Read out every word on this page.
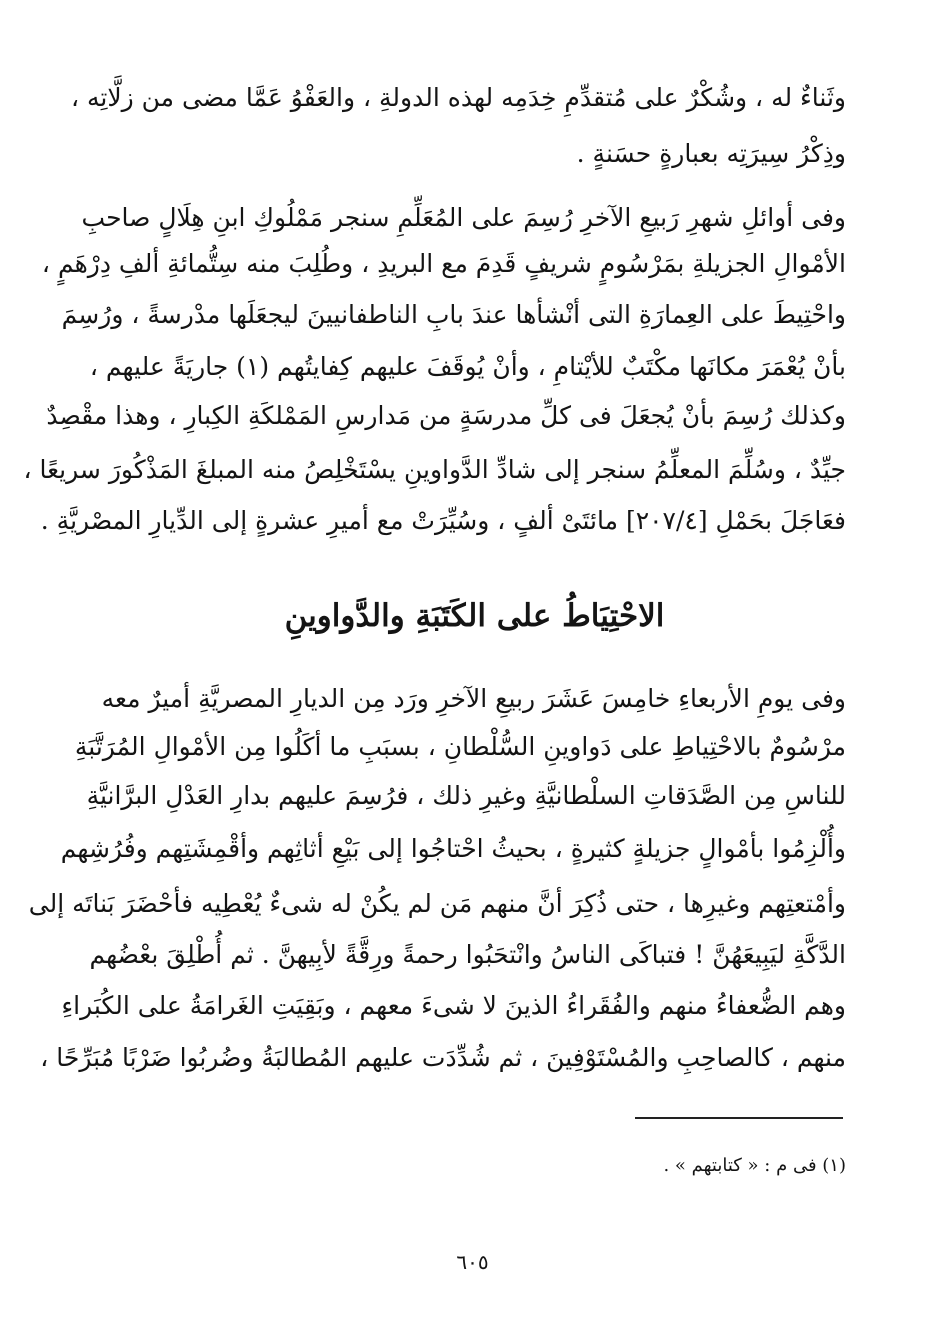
وثَناءٌ له ، وشُكْرٌ على مُتقدِّمِ خِدَمِه لهذه الدولةِ ، والعَفْوُ عَمَّا مضى من زلَّاتِه ،
وذِكْرُ سِيرَتِه بعبارةٍ حسَنةٍ .
وفى أوائلِ شهرِ رَبيعِ الآخرِ رُسِمَ على المُعَلِّمِ سنجر مَمْلُوكِ ابنِ هِلَالٍ صاحبِ
الأمْوالِ الجزيلةِ بمَرْسُومٍ شريفٍ قَدِمَ مع البريدِ ، وطُلِبَ منه سِتُّمائةِ ألفِ دِرْهَمٍ ،
واحْتِيطَ على العِمارَةِ التى أنْشأها عندَ بابِ الناطفانيينَ ليجعَلَها مدْرسةً ، ورُسِمَ
بأنْ يُعْمَرَ مكانَها مكْتَبٌ للأيْتامِ ، وأنْ يُوقَفَ عليهم كِفايتُهم (١) جاريَةً عليهم ،
وكذلك رُسِمَ بأنْ يُجعَلَ فى كلِّ مدرسَةٍ من مَدارسِ المَمْلكَةِ الكِبارِ ، وهذا مقْصِدٌ
جيِّدٌ ، وسُلِّمَ المعلِّمُ سنجر إلى شادِّ الدَّواوينِ يسْتَخْلِصُ منه المبلغَ المَذْكُورَ سريعًا ،
فعَاجَلَ بحَمْلِ [٢٠٧/٤] مائتَىْ ألفٍ ، وسُيِّرَتْ مع أميرِ عشرةٍ إلى الدِّيارِ المصْريَّةِ .
الاحْتِيَاطُ على الكَتَبَةِ والدَّواوينِ
وفى يومِ الأربعاءِ خامِسَ عَشَرَ ربيعِ الآخرِ ورَد مِن الديارِ المصريَّةِ أميرٌ معه
مرْسُومٌ بالاحْتِياطِ على دَواوينِ السُّلْطانِ ، بسبَبِ ما أكَلُوا مِن الأمْوالِ المُرَتَّبَةِ
للناسِ مِن الصَّدَقاتِ السلْطانيَّةِ وغيرِ ذلك ، فرُسِمَ عليهم بدارِ العَدْلِ البرَّانيَّةِ
وأُلْزِمُوا بأمْوالٍ جزيلةٍ كثيرةٍ ، بحيثُ احْتاجُوا إلى بَيْعِ أثاثِهم وأقْمِشَتِهم وفُرُشِهم
وأمْتعتِهم وغيرِها ، حتى ذُكِرَ أنَّ منهم مَن لم يكُنْ له شىءٌ يُعْطِيه فأحْضَرَ بَناتَه إلى
الدَّكَّةِ ليَبِيعَهُنَّ ! فتباكَى الناسُ وانْتحَبُوا رحمةً ورِقَّةً لأبِيهنَّ . ثم أُطْلِقَ بعْضُهم
وهم الضُّعفاءُ منهم والفُقَراءُ الذينَ لا شىءَ معهم ، وبَقِيَتِ الغَرامَةُ على الكُبَراءِ
منهم ، كالصاحِبِ والمُسْتَوْفِينَ ، ثم شُدِّدَت عليهم المُطالبَةُ وضُربُوا ضَرْبًا مُبَرِّحًا ،
(١) فى م : « كتابتهم » .
٦٠٥
